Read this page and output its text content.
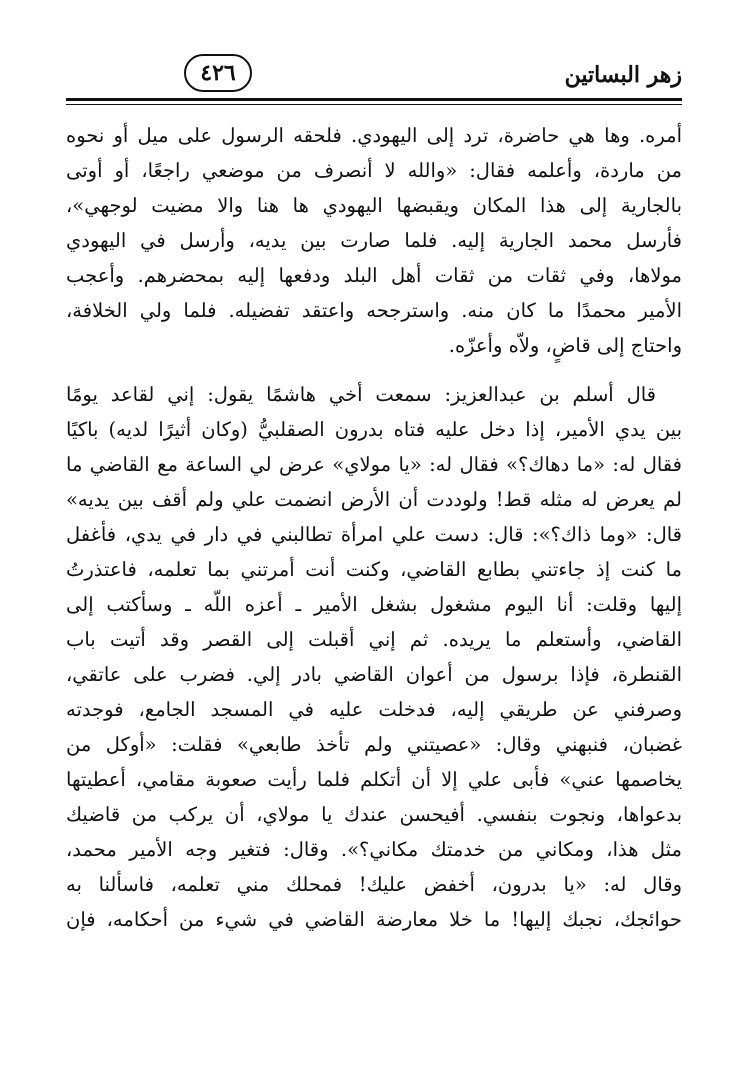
زهر البساتين
٤٢٦
أمره. وها هي حاضرة، ترد إلى اليهودي. فلحقه الرسول على ميل أو نحوه
من ماردة، وأعلمه فقال: «والله لا أنصرف من موضعي راجعًا، أو أوتى
بالجارية إلى هذا المكان ويقبضها اليهودي ها هنا والا مضيت لوجهي»،
فأرسل محمد الجارية إليه. فلما صارت بين يديه، وأرسل في اليهودي
مولاها، وفي ثقات من ثقات أهل البلد ودفعها إليه بمحضرهم. وأعجب
الأمير محمدًا ما كان منه. واسترجحه واعتقد تفضيله. فلما ولي الخلافة،
واحتاج إلى قاضٍ، ولاّه وأعزّه.
قال أسلم بن عبدالعزيز: سمعت أخي هاشمًا يقول: إني لقاعد يومًا
بين يدي الأمير، إذا دخل عليه فتاه بدرون الصقلبيُّ (وكان أثيرًا لديه) باكيًا
فقال له: «ما دهاك؟» فقال له: «يا مولاي» عرض لي الساعة مع القاضي ما
لم يعرض له مثله قط! ولوددت أن الأرض انضمت علي ولم أقف بين يديه»
قال: «وما ذاك؟»: قال: دست علي امرأة تطالبني في دار في يدي، فأغفل
ما كنت إذ جاءتني بطابع القاضي، وكنت أنت أمرتني بما تعلمه، فاعتذرتُ
إليها وقلت: أنا اليوم مشغول بشغل الأمير ـ أعزه اللّه ـ وسأكتب إلى
القاضي، وأستعلم ما يريده. ثم إني أقبلت إلى القصر وقد أتيت باب
القنطرة، فإذا برسول من أعوان القاضي بادر إلي. فضرب على عاتقي،
وصرفني عن طريقي إليه، فدخلت عليه في المسجد الجامع، فوجدته
غضبان، فنبهني وقال: «عصيتني ولم تأخذ طابعي» فقلت: «أوكل من
يخاصمها عني» فأبى علي إلا أن أتكلم فلما رأيت صعوبة مقامي، أعطيتها
بدعواها، ونجوت بنفسي. أفيحسن عندك يا مولاي، أن يركب من قاضيك
مثل هذا، ومكاني من خدمتك مكاني؟». وقال: فتغير وجه الأمير محمد،
وقال له: «يا بدرون، أخفض عليك! فمحلك مني تعلمه، فاسألنا به
حوائجك، نجبك إليها! ما خلا معارضة القاضي في شيء من أحكامه، فإن
